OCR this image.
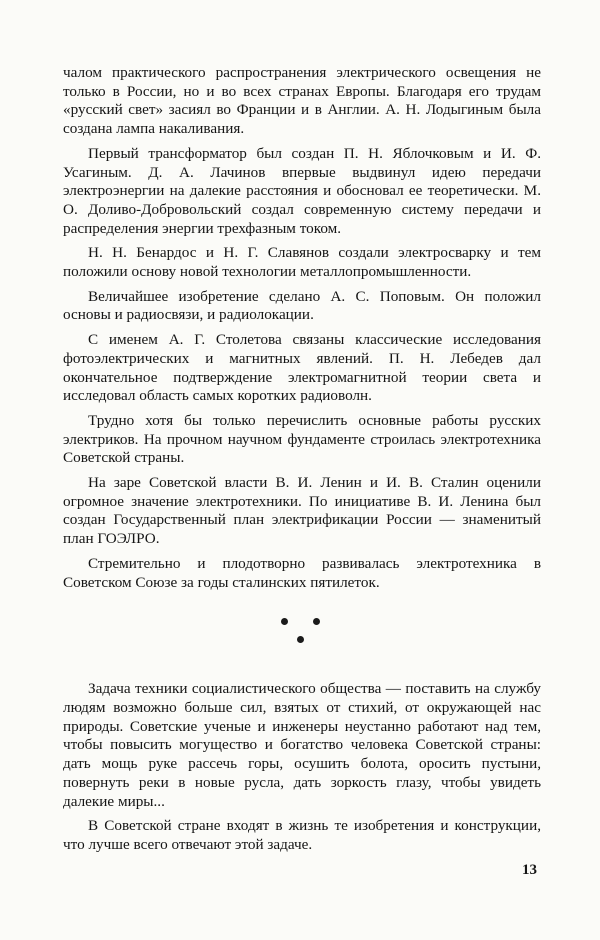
чалом практического распространения электрического освещения не только в России, но и во всех странах Европы. Благодаря его трудам «русский свет» засиял во Франции и в Англии. А. Н. Лодыгиным была создана лампа накаливания.

Первый трансформатор был создан П. Н. Яблочковым и И. Ф. Усагиным. Д. А. Лачинов впервые выдвинул идею передачи электроэнергии на далекие расстояния и обосновал ее теоретически. М. О. Доливо-Добровольский создал современную систему передачи и распределения энергии трехфазным током.

Н. Н. Бенардос и Н. Г. Славянов создали электросварку и тем положили основу новой технологии металлопромышленности.

Величайшее изобретение сделано А. С. Поповым. Он положил основы и радиосвязи, и радиолокации.

С именем А. Г. Столетова связаны классические исследования фотоэлектрических и магнитных явлений. П. Н. Лебедев дал окончательное подтверждение электромагнитной теории света и исследовал область самых коротких радиоволн.

Трудно хотя бы только перечислить основные работы русских электриков. На прочном научном фундаменте строилась электротехника Советской страны.

На заре Советской власти В. И. Ленин и И. В. Сталин оценили огромное значение электротехники. По инициативе В. И. Ленина был создан Государственный план электрификации России — знаменитый план ГОЭЛРО.

Стремительно и плодотворно развивалась электротехника в Советском Союзе за годы сталинских пятилеток.

Задача техники социалистического общества — поставить на службу людям возможно больше сил, взятых от стихий, от окружающей нас природы. Советские ученые и инженеры неустанно работают над тем, чтобы повысить могущество и богатство человека Советской страны: дать мощь руке рассечь горы, осушить болота, оросить пустыни, повернуть реки в новые русла, дать зоркость глазу, чтобы увидеть далекие миры...

В Советской стране входят в жизнь те изобретения и конструкции, что лучше всего отвечают этой задаче.

13
